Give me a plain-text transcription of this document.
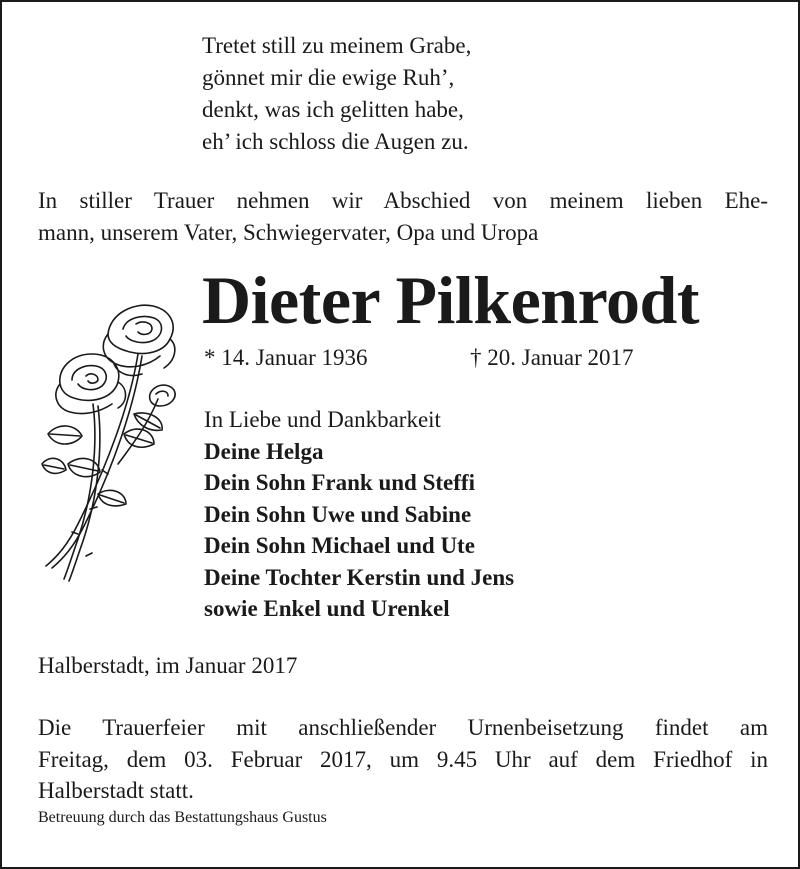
Tretet still zu meinem Grabe,
gönnet mir die ewige Ruh’,
denkt, was ich gelitten habe,
eh’ ich schloss die Augen zu.
In stiller Trauer nehmen wir Abschied von meinem lieben Ehe-
mann, unserem Vater, Schwiegervater, Opa und Uropa
Dieter Pilkenrodt
* 14. Januar 1936	† 20. Januar 2017
In Liebe und Dankbarkeit
Deine Helga
Dein Sohn Frank und Steffi
Dein Sohn Uwe und Sabine
Dein Sohn Michael und Ute
Deine Tochter Kerstin und Jens
sowie Enkel und Urenkel
Halberstadt, im Januar 2017
Die Trauerfeier mit anschließender Urnenbeisetzung findet am
Freitag, dem 03. Februar 2017, um 9.45 Uhr auf dem Friedhof in
Halberstadt statt.
Betreuung durch das Bestattungshaus Gustus
